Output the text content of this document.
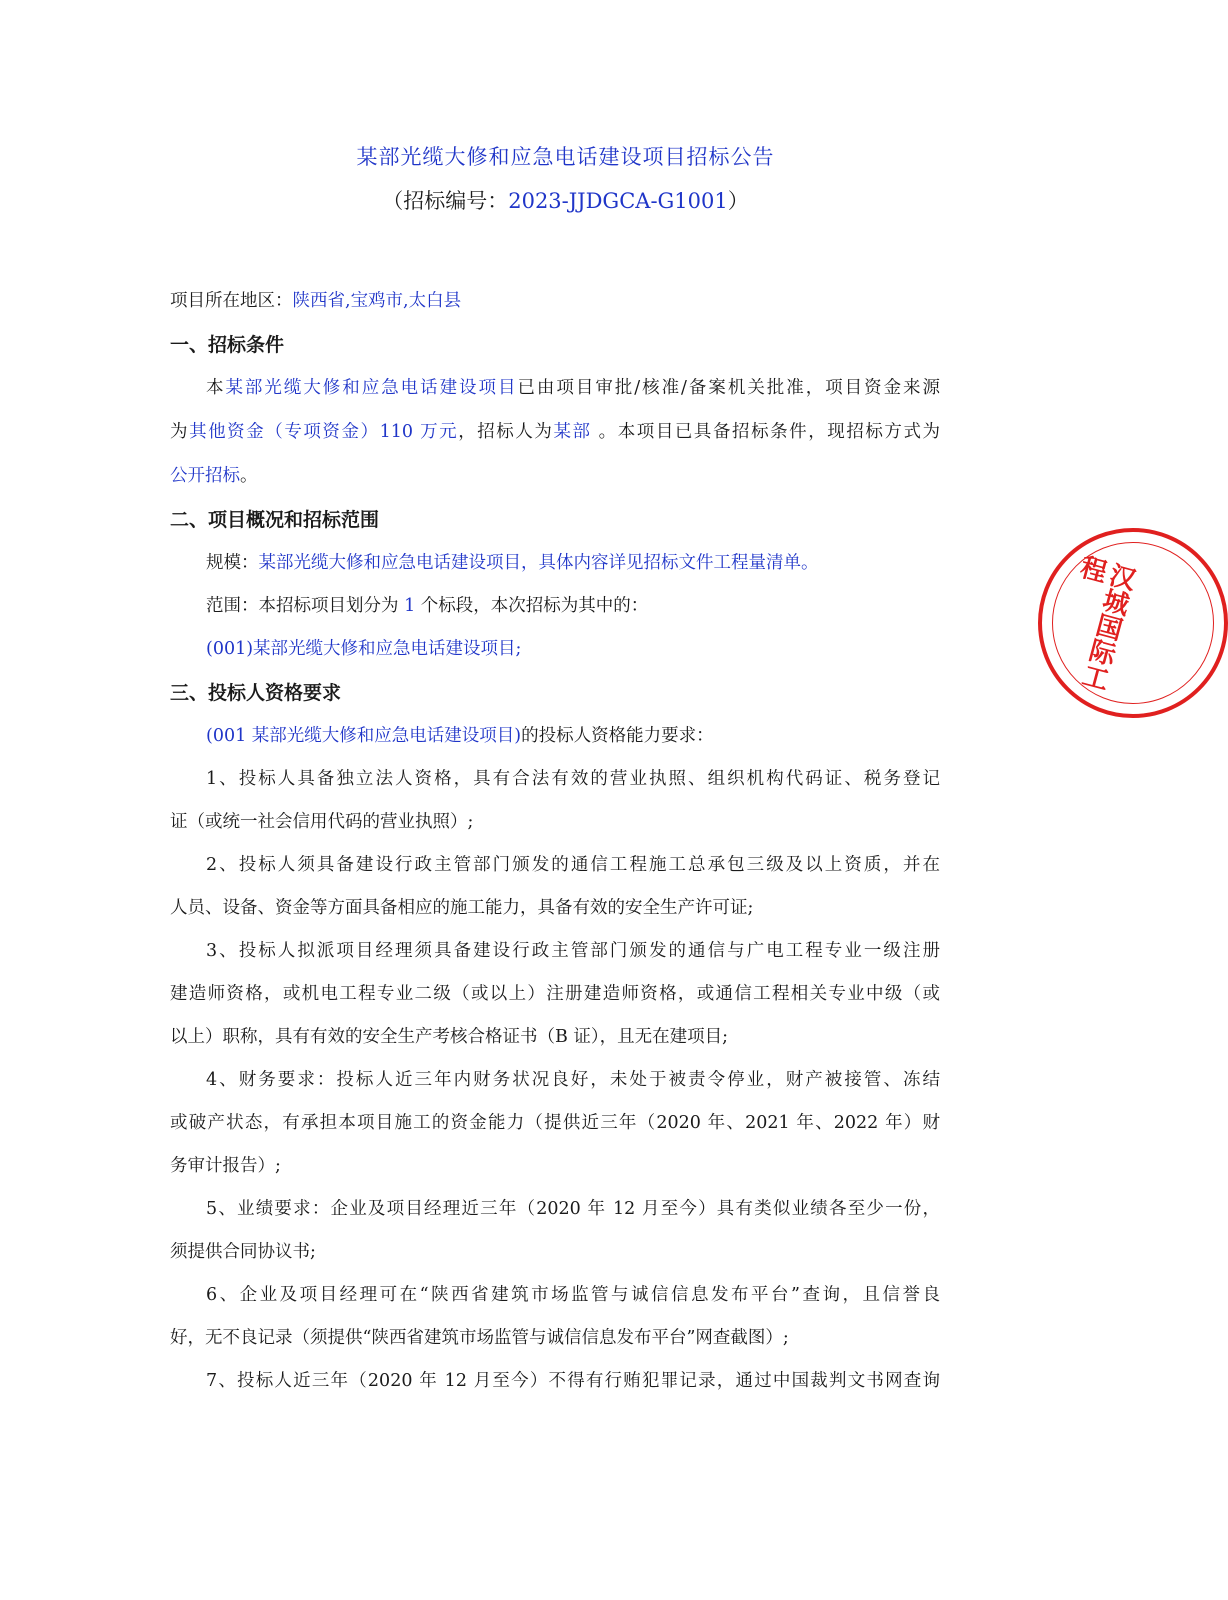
某部光缆大修和应急电话建设项目招标公告
（招标编号：2023-JJDGCA-G1001）

项目所在地区：陕西省,宝鸡市,太白县

一、招标条件

本某部光缆大修和应急电话建设项目已由项目审批/核准/备案机关批准，项目资金来源

为其他资金（专项资金）110 万元，招标人为某部 。本项目已具备招标条件，现招标方式为

公开招标。

二、项目概况和招标范围

规模：某部光缆大修和应急电话建设项目，具体内容详见招标文件工程量清单。

范围：本招标项目划分为 1 个标段，本次招标为其中的：

(001)某部光缆大修和应急电话建设项目;

三、投标人资格要求

(001 某部光缆大修和应急电话建设项目)的投标人资格能力要求：

1、投标人具备独立法人资格，具有合法有效的营业执照、组织机构代码证、税务登记

证（或统一社会信用代码的营业执照）;

2、投标人须具备建设行政主管部门颁发的通信工程施工总承包三级及以上资质，并在

人员、设备、资金等方面具备相应的施工能力，具备有效的安全生产许可证;

3、投标人拟派项目经理须具备建设行政主管部门颁发的通信与广电工程专业一级注册

建造师资格，或机电工程专业二级（或以上）注册建造师资格，或通信工程相关专业中级（或

以上）职称，具有有效的安全生产考核合格证书（B 证），且无在建项目;

4、财务要求：投标人近三年内财务状况良好，未处于被责令停业，财产被接管、冻结

或破产状态，有承担本项目施工的资金能力（提供近三年（2020 年、2021 年、2022 年）财

务审计报告）;

5、业绩要求：企业及项目经理近三年（2020 年 12 月至今）具有类似业绩各至少一份，

须提供合同协议书;

6、企业及项目经理可在“陕西省建筑市场监管与诚信信息发布平台”查询，且信誉良

好，无不良记录（须提供“陕西省建筑市场监管与诚信信息发布平台”网查截图）;

7、投标人近三年（2020 年 12 月至今）不得有行贿犯罪记录，通过中国裁判文书网查询

汉城国际工程
